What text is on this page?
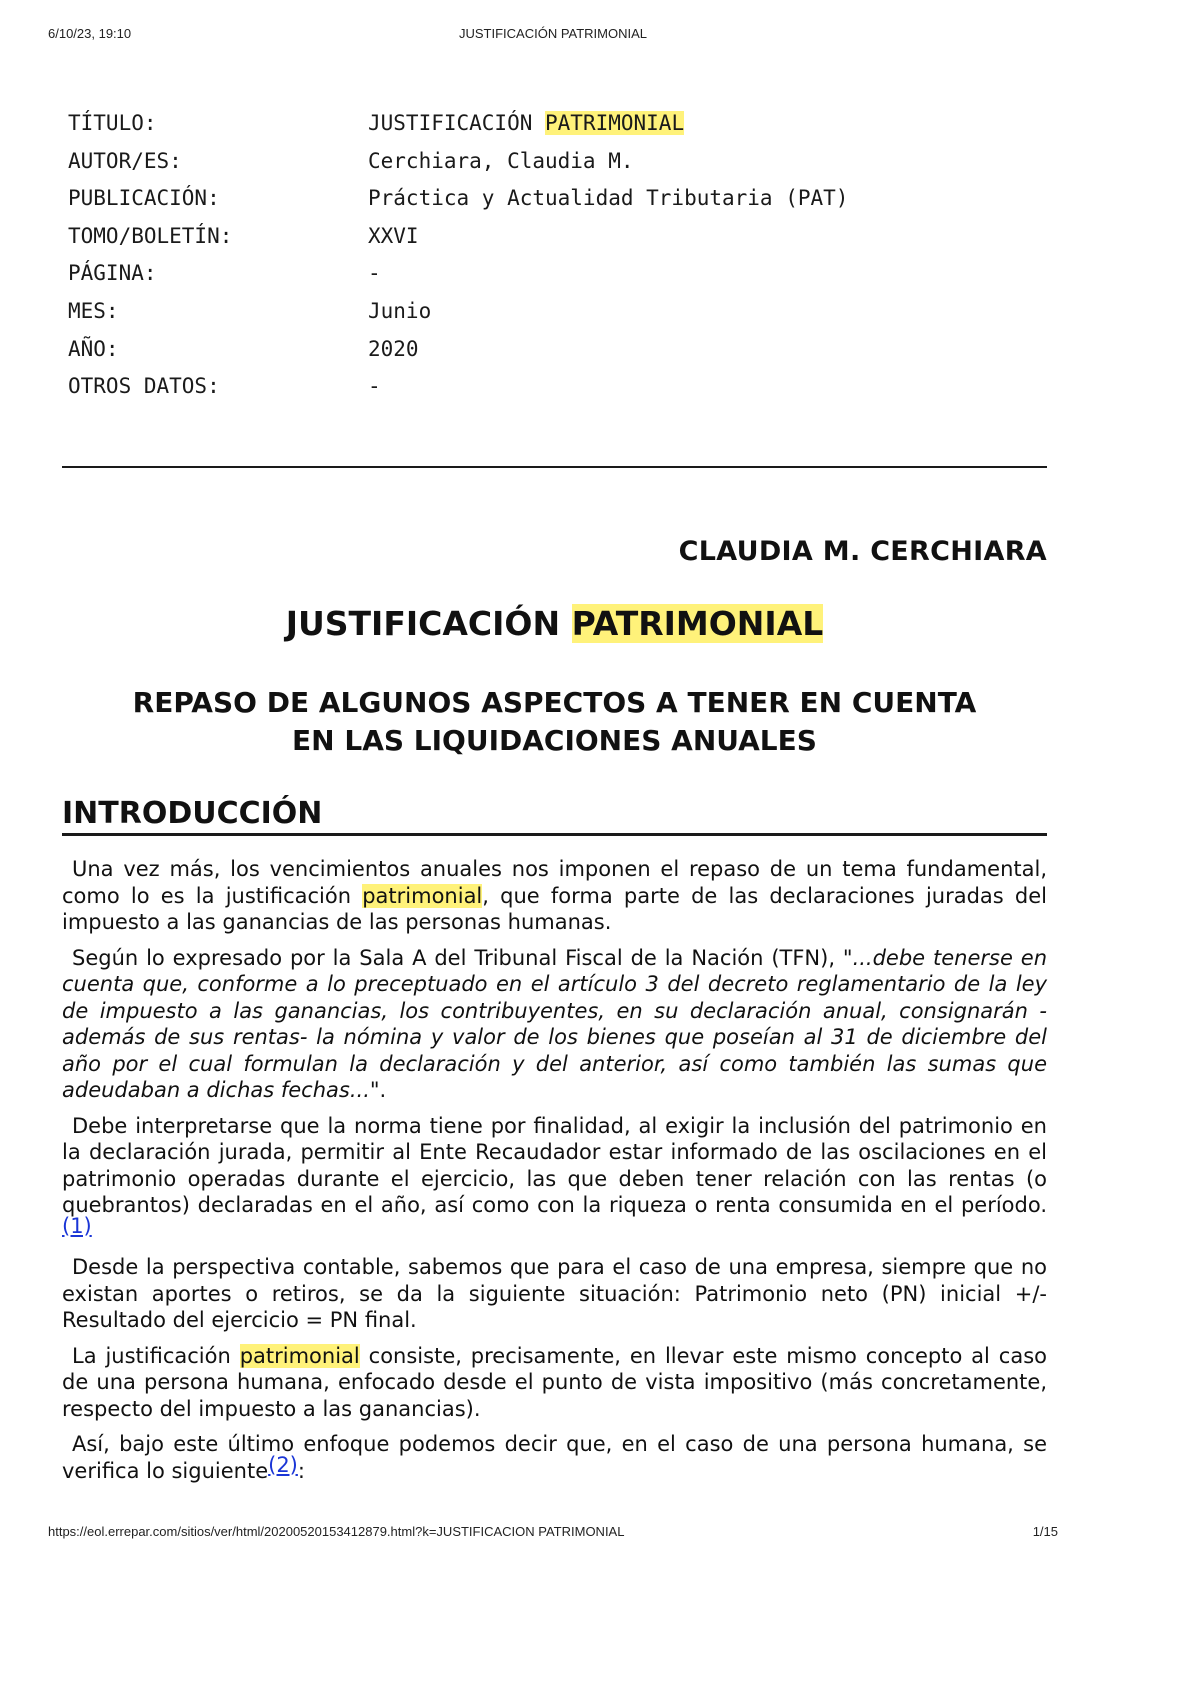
6/10/23, 19:10	JUSTIFICACIÓN PATRIMONIAL
TÍTULO:	JUSTIFICACIÓN PATRIMONIAL
AUTOR/ES:	Cerchiara, Claudia M.
PUBLICACIÓN:	Práctica y Actualidad Tributaria (PAT)
TOMO/BOLETÍN:	XXVI
PÁGINA:	-
MES:	Junio
AÑO:	2020
OTROS DATOS:	-
CLAUDIA M. CERCHIARA
JUSTIFICACIÓN PATRIMONIAL
REPASO DE ALGUNOS ASPECTOS A TENER EN CUENTA
EN LAS LIQUIDACIONES ANUALES
INTRODUCCIÓN

Una vez más, los vencimientos anuales nos imponen el repaso de un tema fundamental, como lo es la justificación patrimonial, que forma parte de las declaraciones juradas del impuesto a las ganancias de las personas humanas.

Según lo expresado por la Sala A del Tribunal Fiscal de la Nación (TFN), "...debe tenerse en cuenta que, conforme a lo preceptuado en el artículo 3 del decreto reglamentario de la ley de impuesto a las ganancias, los contribuyentes, en su declaración anual, consignarán -además de sus rentas- la nómina y valor de los bienes que poseían al 31 de diciembre del año por el cual formulan la declaración y del anterior, así como también las sumas que adeudaban a dichas fechas...".

Debe interpretarse que la norma tiene por finalidad, al exigir la inclusión del patrimonio en la declaración jurada, permitir al Ente Recaudador estar informado de las oscilaciones en el patrimonio operadas durante el ejercicio, las que deben tener relación con las rentas (o quebrantos) declaradas en el año, así como con la riqueza o renta consumida en el período. (1)

Desde la perspectiva contable, sabemos que para el caso de una empresa, siempre que no existan aportes o retiros, se da la siguiente situación: Patrimonio neto (PN) inicial +/- Resultado del ejercicio = PN final.

La justificación patrimonial consiste, precisamente, en llevar este mismo concepto al caso de una persona humana, enfocado desde el punto de vista impositivo (más concretamente, respecto del impuesto a las ganancias).

Así, bajo este último enfoque podemos decir que, en el caso de una persona humana, se verifica lo siguiente(2):

https://eol.errepar.com/sitios/ver/html/20200520153412879.html?k=JUSTIFICACION PATRIMONIAL	1/15
